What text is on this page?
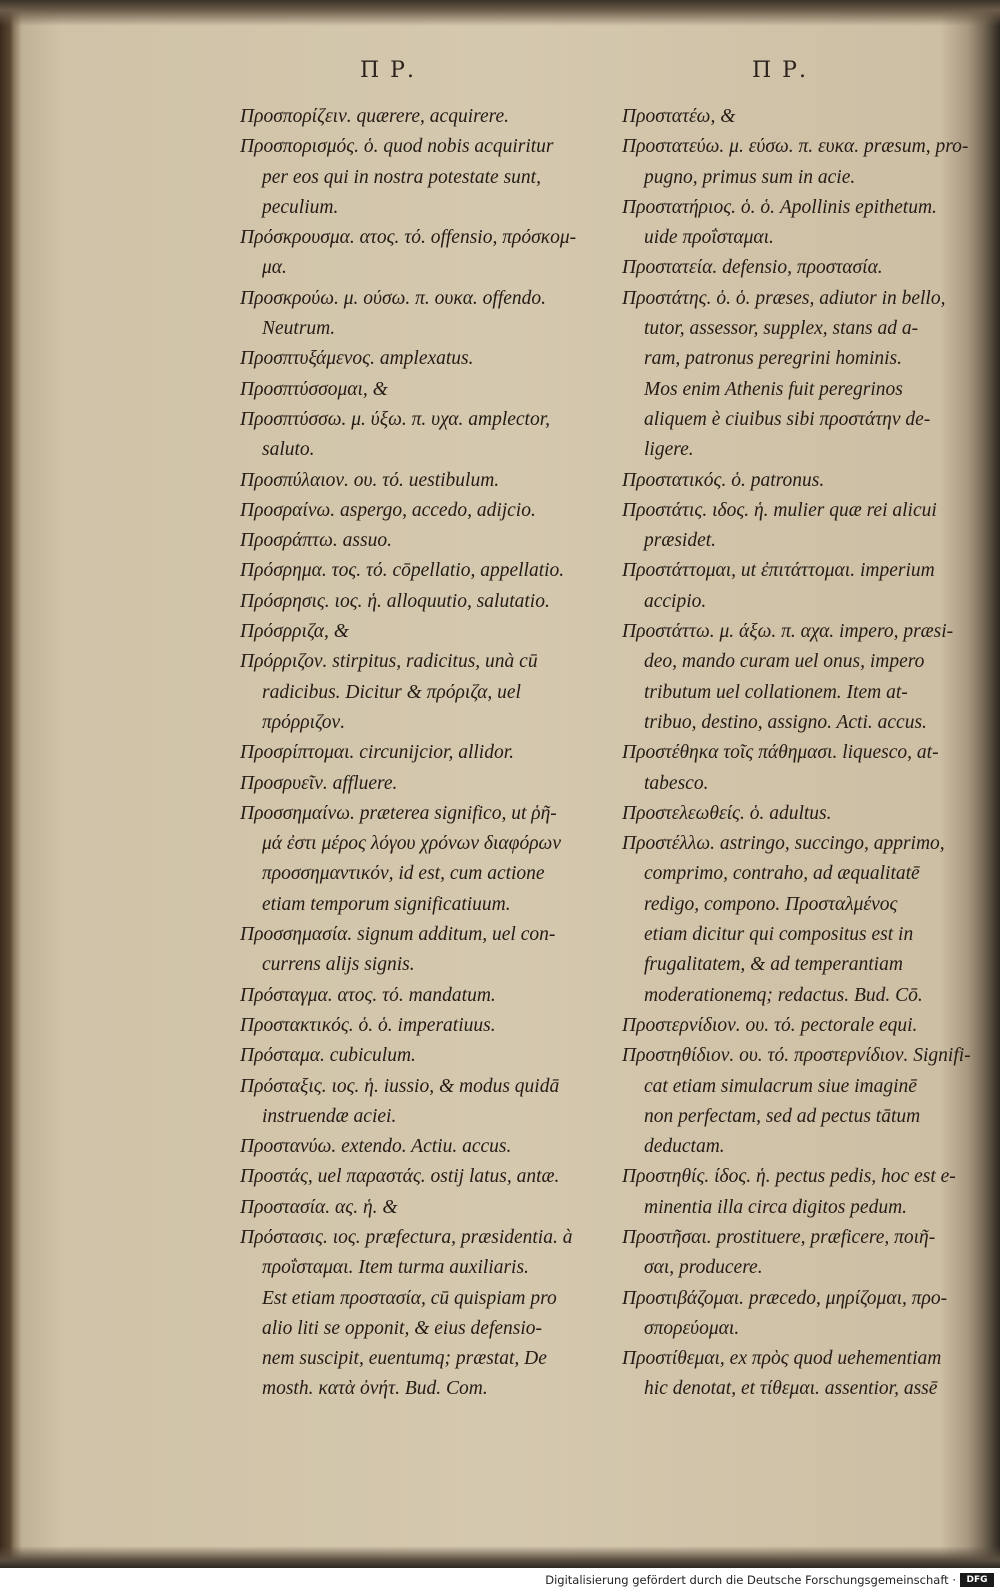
Π Ρ.	Π Ρ.
Προσπορίζειν. quærere, acquirere.
Προσπορισμός. ὁ. quod nobis acquiritur
per eos qui in nostra potestate sunt,
peculium.
Πρόσκρουσμα. ατος. τό. offensio, πρόσκομ-
μα.
Προσκρούω. μ. ούσω. π. ουκα. offendo.
Neutrum.
Προσπτυξάμενος. amplexatus.
Προσπτύσσομαι, &
Προσπτύσσω. μ. ύξω. π. υχα. amplector,
saluto.
Προσπύλαιον. ου. τό. uestibulum.
Προσραίνω. aspergo, accedo, adijcio.
Προσράπτω. assuo.
Πρόσρημα. τος. τό. cōpellatio, appellatio.
Πρόσρησις. ιος. ἡ. alloquutio, salutatio.
Πρόσρριζα, &
Πρόρριζον. stirpitus, radicitus, unà cū
radicibus. Dicitur & πρόριζα, uel
πρόρριζον.
Προσρίπτομαι. circunijcior, allidor.
Προσρυεῖν. affluere.
Προσσημαίνω. præterea significo, ut ῥῆ-
μά ἐστι μέρος λόγου χρόνων διαφόρων
προσσημαντικόν, id est, cum actione
etiam temporum significatiuum.
Προσσημασία. signum additum, uel con-
currens alijs signis.
Πρόσταγμα. ατος. τό. mandatum.
Προστακτικός. ὁ. ὁ. imperatiuus.
Πρόσταμα. cubiculum.
Πρόσταξις. ιος. ἡ. iussio, & modus quidā
instruendæ aciei.
Προστανύω. extendo. Actiu. accus.
Προστάς, uel παραστάς. ostij latus, antæ.
Προστασία. ας. ἡ. &
Πρόστασις. ιος. præfectura, præsidentia. à
προΐσταμαι. Item turma auxiliaris.
Est etiam προστασία, cū quispiam pro
alio liti se opponit, & eius defensio-
nem suscipit, euentumq; præstat, De
mosth. κατὰ ὀνήτ. Bud. Com.
Προστατέω, &
Προστατεύω. μ. εύσω. π. ευκα. præsum, pro-
pugno, primus sum in acie.
Προστατήριος. ὁ. ὁ. Apollinis epithetum.
uide προΐσταμαι.
Προστατεία. defensio, προστασία.
Προστάτης. ὁ. ὁ. præses, adiutor in bello,
tutor, assessor, supplex, stans ad a-
ram, patronus peregrini hominis.
Mos enim Athenis fuit peregrinos
aliquem è ciuibus sibi προστάτην de-
ligere.
Προστατικός. ὁ. patronus.
Προστάτις. ιδος. ἡ. mulier quæ rei alicui
præsidet.
Προστάττομαι, ut ἐπιτάττομαι. imperium
accipio.
Προστάττω. μ. άξω. π. αχα. impero, præsi-
deo, mando curam uel onus, impero
tributum uel collationem. Item at-
tribuo, destino, assigno. Acti. accus.
Προστέθηκα τοῖς πάθημασι. liquesco, at-
tabesco.
Προστελεωθείς. ὁ. adultus.
Προστέλλω. astringo, succingo, apprimo,
comprimo, contraho, ad æqualitatē
redigo, compono. Προσταλμένος
etiam dicitur qui compositus est in
frugalitatem, & ad temperantiam
moderationemq; redactus. Bud. Cō.
Προστερνίδιον. ου. τό. pectorale equi.
Προστηθίδιον. ου. τό. προστερνίδιον. Signifi-
cat etiam simulacrum siue imaginē
non perfectam, sed ad pectus tātum
deductam.
Προστηθίς. ίδος. ἡ. pectus pedis, hoc est e-
minentia illa circa digitos pedum.
Προστῆσαι. prostituere, præficere, ποιῆ-
σαι, producere.
Προστιβάζομαι. præcedo, μηρίζομαι, προ-
σπορεύομαι.
Προστίθεμαι, ex πρὸς quod uehementiam
hic denotat, et τίθεμαι. assentior, assē
Digitalisierung gefördert durch die Deutsche Forschungsgemeinschaft ·	DFG
